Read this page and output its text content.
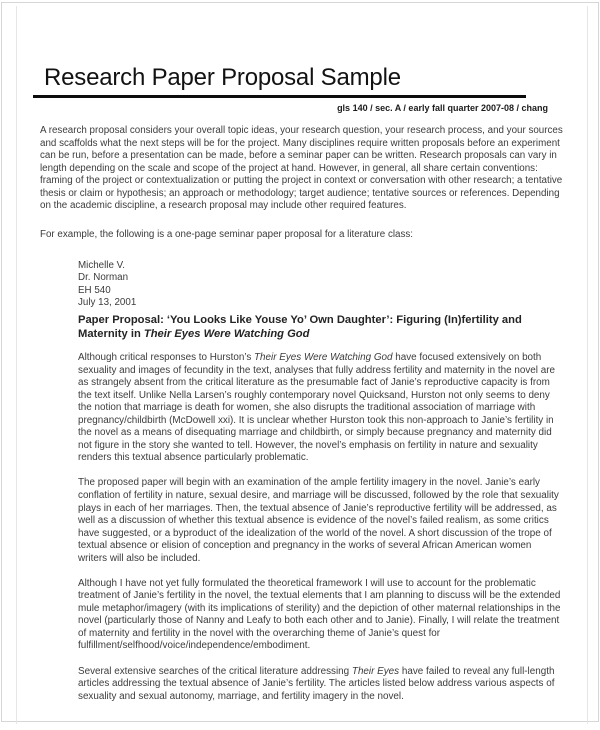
Research Paper Proposal Sample
gls 140 / sec. A / early fall quarter 2007-08 / chang
A research proposal considers your overall topic ideas, your research question, your research process, and your sources and scaffolds what the next steps will be for the project. Many disciplines require written proposals before an experiment can be run, before a presentation can be made, before a seminar paper can be written. Research proposals can vary in length depending on the scale and scope of the project at hand. However, in general, all share certain conventions: framing of the project or contextualization or putting the project in context or conversation with other research; a tentative thesis or claim or hypothesis; an approach or methodology; target audience; tentative sources or references. Depending on the academic discipline, a research proposal may include other required features.
For example, the following is a one-page seminar paper proposal for a literature class:
Michelle V.
Dr. Norman
EH 540
July 13, 2001
Paper Proposal: ‘You Looks Like Youse Yo’ Own Daughter’: Figuring (In)fertility and Maternity in Their Eyes Were Watching God

Although critical responses to Hurston’s Their Eyes Were Watching God have focused extensively on both sexuality and images of fecundity in the text, analyses that fully address fertility and maternity in the novel are as strangely absent from the critical literature as the presumable fact of Janie’s reproductive capacity is from the text itself. Unlike Nella Larsen’s roughly contemporary novel Quicksand, Hurston not only seems to deny the notion that marriage is death for women, she also disrupts the traditional association of marriage with pregnancy/childbirth (McDowell xxi). It is unclear whether Hurston took this non-approach to Janie’s fertility in the novel as a means of disequating marriage and childbirth, or simply because pregnancy and maternity did not figure in the story she wanted to tell. However, the novel’s emphasis on fertility in nature and sexuality renders this textual absence particularly problematic.

The proposed paper will begin with an examination of the ample fertility imagery in the novel. Janie’s early conflation of fertility in nature, sexual desire, and marriage will be discussed, followed by the role that sexuality plays in each of her marriages. Then, the textual absence of Janie’s reproductive fertility will be addressed, as well as a discussion of whether this textual absence is evidence of the novel’s failed realism, as some critics have suggested, or a byproduct of the idealization of the world of the novel. A short discussion of the trope of textual absence or elision of conception and pregnancy in the works of several African American women writers will also be included.

Although I have not yet fully formulated the theoretical framework I will use to account for the problematic treatment of Janie’s fertility in the novel, the textual elements that I am planning to discuss will be the extended mule metaphor/imagery (with its implications of sterility) and the depiction of other maternal relationships in the novel (particularly those of Nanny and Leafy to both each other and to Janie). Finally, I will relate the treatment of maternity and fertility in the novel with the overarching theme of Janie’s quest for fulfillment/selfhood/voice/independence/embodiment.

Several extensive searches of the critical literature addressing Their Eyes have failed to reveal any full-length articles addressing the textual absence of Janie’s fertility. The articles listed below address various aspects of sexuality and sexual autonomy, marriage, and fertility imagery in the novel.
